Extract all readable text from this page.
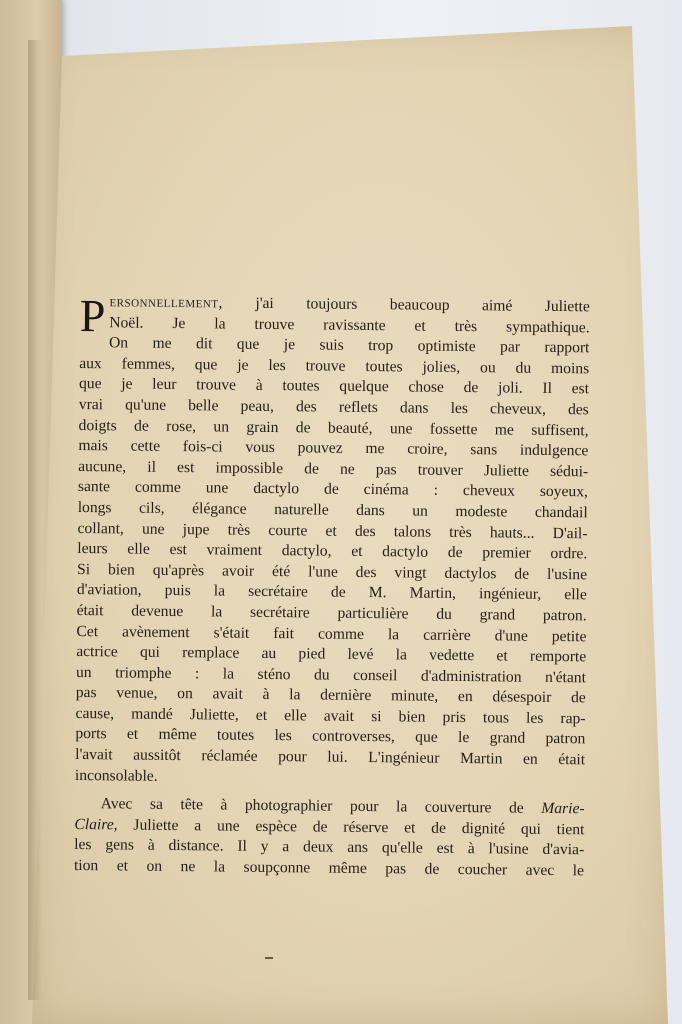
P ersonnellement, j'ai toujours beaucoup aimé Juliette
Noël. Je la trouve ravissante et très sympathique.
On me dit que je suis trop optimiste par rapport
aux femmes, que je les trouve toutes jolies, ou du moins
que je leur trouve à toutes quelque chose de joli. Il est
vrai qu'une belle peau, des reflets dans les cheveux, des
doigts de rose, un grain de beauté, une fossette me suffisent,
mais cette fois-ci vous pouvez me croire, sans indulgence
aucune, il est impossible de ne pas trouver Juliette sédui-
sante comme une dactylo de cinéma : cheveux soyeux,
longs cils, élégance naturelle dans un modeste chandail
collant, une jupe très courte et des talons très hauts... D'ail-
leurs elle est vraiment dactylo, et dactylo de premier ordre.
Si bien qu'après avoir été l'une des vingt dactylos de l'usine
d'aviation, puis la secrétaire de M. Martin, ingénieur, elle
était devenue la secrétaire particulière du grand patron.
Cet avènement s'était fait comme la carrière d'une petite
actrice qui remplace au pied levé la vedette et remporte
un triomphe : la sténo du conseil d'administration n'étant
pas venue, on avait à la dernière minute, en désespoir de
cause, mandé Juliette, et elle avait si bien pris tous les rap-
ports et même toutes les controverses, que le grand patron
l'avait aussitôt réclamée pour lui. L'ingénieur Martin en était
inconsolable.
Avec sa tête à photographier pour la couverture de Marie-
Claire, Juliette a une espèce de réserve et de dignité qui tient
les gens à distance. Il y a deux ans qu'elle est à l'usine d'avia-
tion et on ne la soupçonne même pas de coucher avec le
